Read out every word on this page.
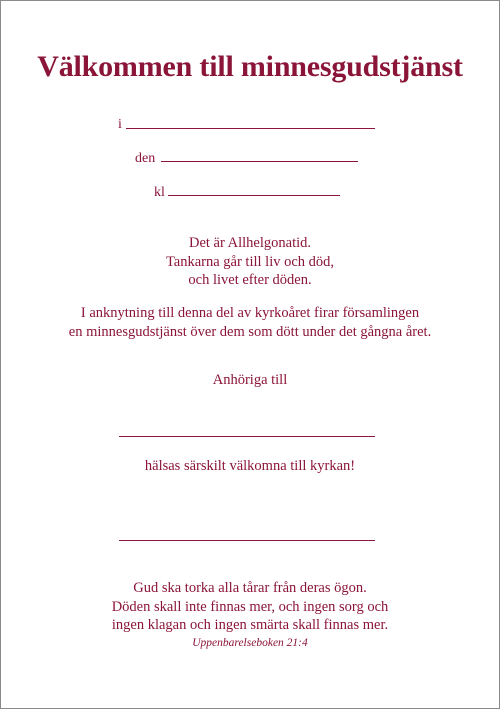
Välkommen till minnesgudstjänst
i
den
kl
Det är Allhelgonatid.
Tankarna går till liv och död,
och livet efter döden.
I anknytning till denna del av kyrkoåret firar församlingen
en minnesgudstjänst över dem som dött under det gångna året.
Anhöriga till
hälsas särskilt välkomna till kyrkan!
Gud ska torka alla tårar från deras ögon.
Döden skall inte finnas mer, och ingen sorg och
ingen klagan och ingen smärta skall finnas mer.
Uppenbarelseboken 21:4
